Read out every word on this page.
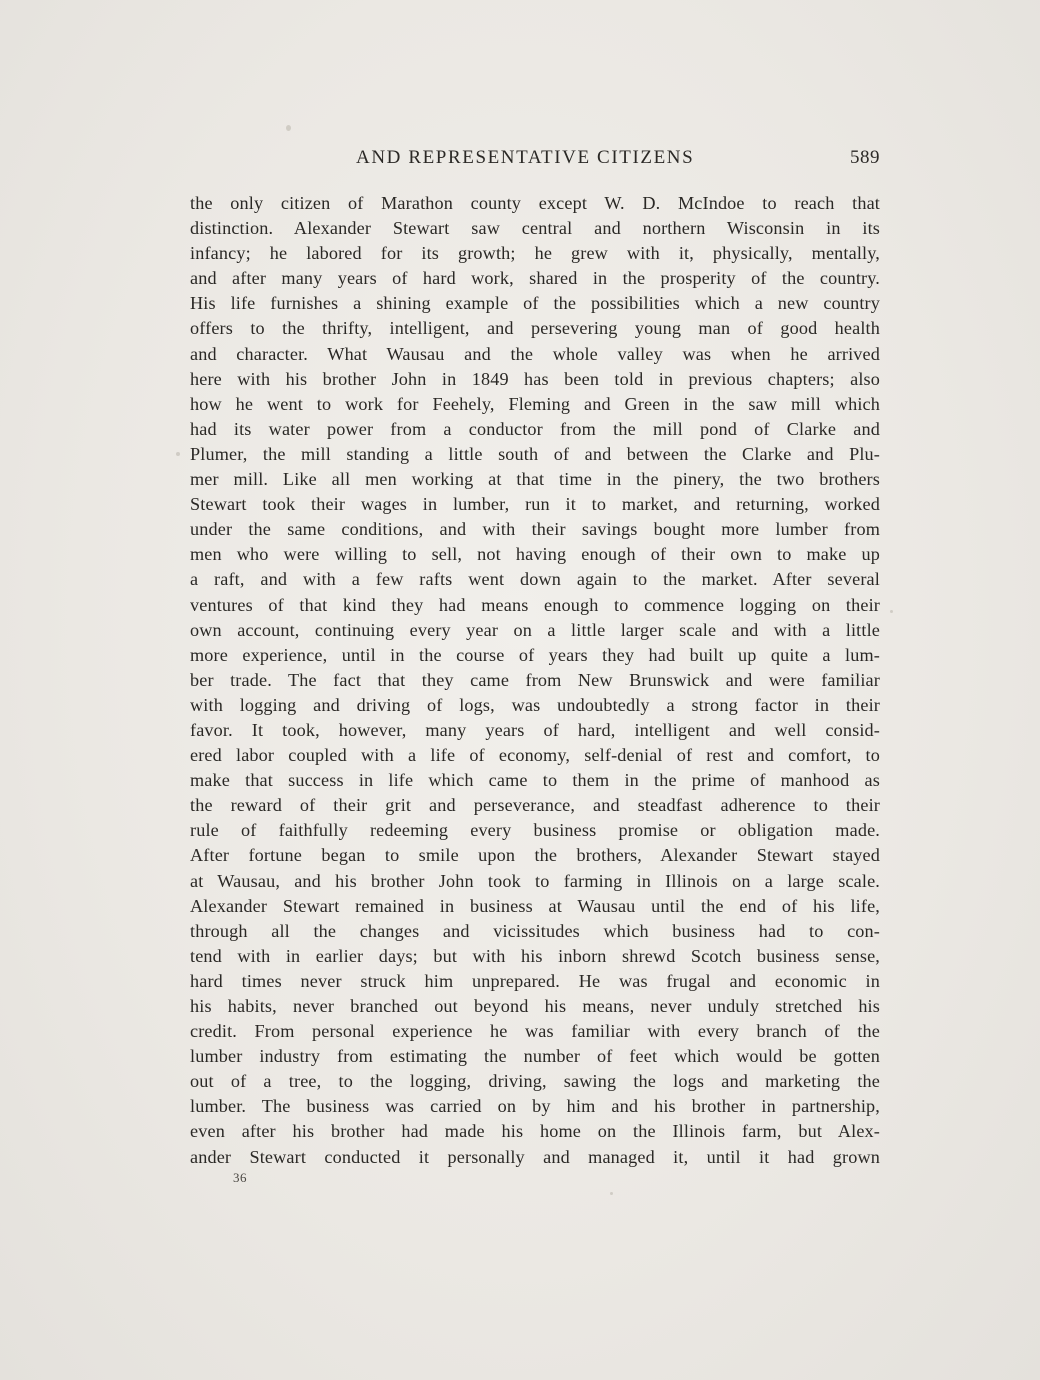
AND REPRESENTATIVE CITIZENS	589
the only citizen of Marathon county except W. D. McIndoe to reach that
distinction. Alexander Stewart saw central and northern Wisconsin in its
infancy; he labored for its growth; he grew with it, physically, mentally,
and after many years of hard work, shared in the prosperity of the country.
His life furnishes a shining example of the possibilities which a new country
offers to the thrifty, intelligent, and persevering young man of good health
and character. What Wausau and the whole valley was when he arrived
here with his brother John in 1849 has been told in previous chapters; also
how he went to work for Feehely, Fleming and Green in the saw mill which
had its water power from a conductor from the mill pond of Clarke and
Plumer, the mill standing a little south of and between the Clarke and Plu-
mer mill. Like all men working at that time in the pinery, the two brothers
Stewart took their wages in lumber, run it to market, and returning, worked
under the same conditions, and with their savings bought more lumber from
men who were willing to sell, not having enough of their own to make up
a raft, and with a few rafts went down again to the market. After several
ventures of that kind they had means enough to commence logging on their
own account, continuing every year on a little larger scale and with a little
more experience, until in the course of years they had built up quite a lum-
ber trade. The fact that they came from New Brunswick and were familiar
with logging and driving of logs, was undoubtedly a strong factor in their
favor. It took, however, many years of hard, intelligent and well consid-
ered labor coupled with a life of economy, self-denial of rest and comfort, to
make that success in life which came to them in the prime of manhood as
the reward of their grit and perseverance, and steadfast adherence to their
rule of faithfully redeeming every business promise or obligation made.
After fortune began to smile upon the brothers, Alexander Stewart stayed
at Wausau, and his brother John took to farming in Illinois on a large scale.
Alexander Stewart remained in business at Wausau until the end of his life,
through all the changes and vicissitudes which business had to con-
tend with in earlier days; but with his inborn shrewd Scotch business sense,
hard times never struck him unprepared. He was frugal and economic in
his habits, never branched out beyond his means, never unduly stretched his
credit. From personal experience he was familiar with every branch of the
lumber industry from estimating the number of feet which would be gotten
out of a tree, to the logging, driving, sawing the logs and marketing the
lumber. The business was carried on by him and his brother in partnership,
even after his brother had made his home on the Illinois farm, but Alex-
ander Stewart conducted it personally and managed it, until it had grown
36
